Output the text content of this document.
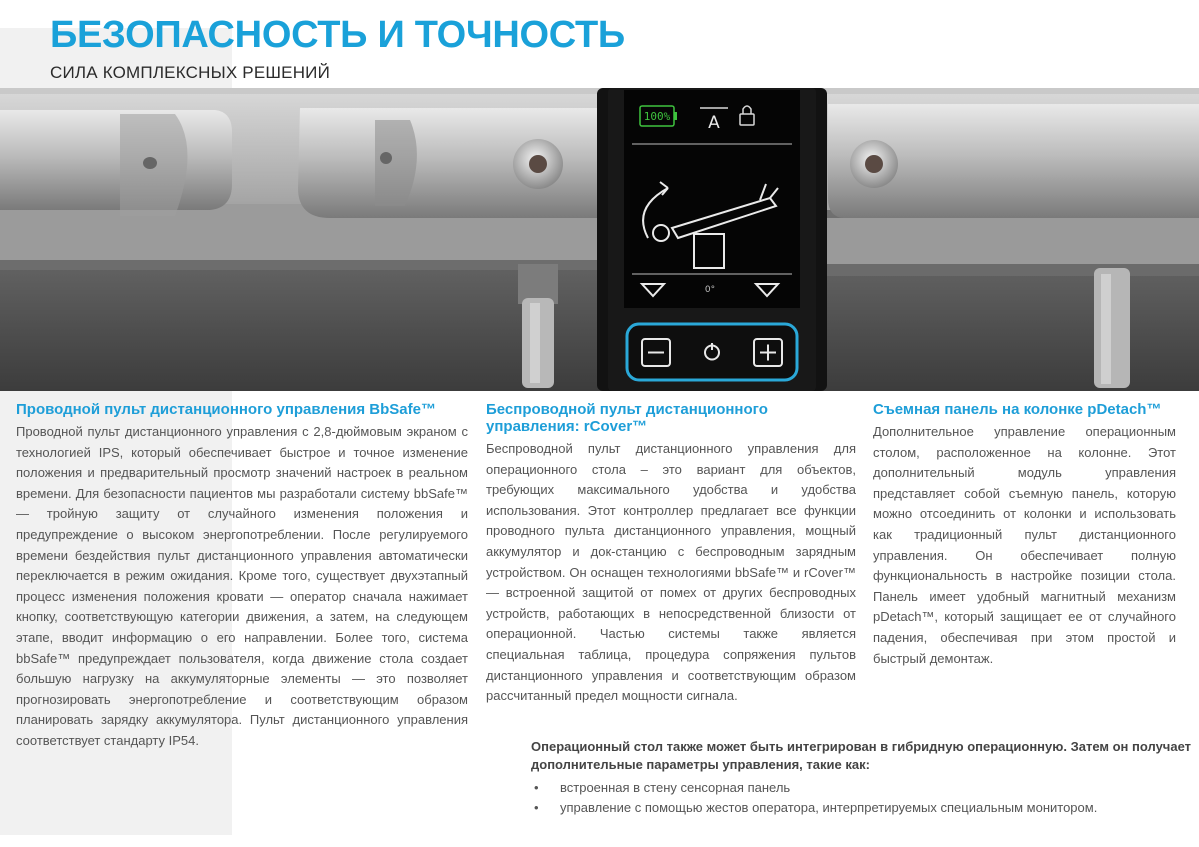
БЕЗОПАСНОСТЬ И ТОЧНОСТЬ
СИЛА КОМПЛЕКСНЫХ РЕШЕНИЙ
100% A
0°
Проводной пульт дистанционного управления BbSafe™

Проводной пульт дистанционного управления с 2,8-дюймовым экраном с технологией IPS, который обеспечивает быстрое и точное изменение положения и предварительный просмотр значений настроек в реальном времени. Для безопасности пациентов мы разработали систему bbSafe™ — тройную защиту от случайного изменения положения и предупреждение о высоком энергопотреблении. После регулируемого времени бездействия пульт дистанционного управления автоматически переключается в режим ожидания. Кроме того, существует двухэтапный процесс изменения положения кровати — оператор сначала нажимает кнопку, соответствующую категории движения, а затем, на следующем этапе, вводит информацию о его направлении. Более того, система bbSafe™ предупреждает пользователя, когда движение стола создает большую нагрузку на аккумуляторные элементы — это позволяет прогнозировать энергопотребление и соответствующим образом планировать зарядку аккумулятора. Пульт дистанционного управления соответствует стандарту IP54.

Беспроводной пульт дистанционного управления: rCover™

Беспроводной пульт дистанционного управления для операционного стола – это вариант для объектов, требующих максимального удобства и удобства использования. Этот контроллер предлагает все функции проводного пульта дистанционного управления, мощный аккумулятор и док-станцию с беспроводным зарядным устройством. Он оснащен технологиями bbSafe™ и rCover™ — встроенной защитой от помех от других беспроводных устройств, работающих в непосредственной близости от операционной. Частью системы также является специальная таблица, процедура сопряжения пультов дистанционного управления и соответствующим образом рассчитанный предел мощности сигнала.

Съемная панель на колонке pDetach™

Дополнительное управление операционным столом, расположенное на колонне. Этот дополнительный модуль управления представляет собой съемную панель, которую можно отсоединить от колонки и использовать как традиционный пульт дистанционного управления. Он обеспечивает полную функциональность в настройке позиции стола. Панель имеет удобный магнитный механизм pDetach™, который защищает ее от случайного падения, обеспечивая при этом простой и быстрый демонтаж.

Операционный стол также может быть интегрирован в гибридную операционную. Затем он получает дополнительные параметры управления, такие как:

• встроенная в стену сенсорная панель
• управление с помощью жестов оператора, интерпретируемых специальным монитором.
